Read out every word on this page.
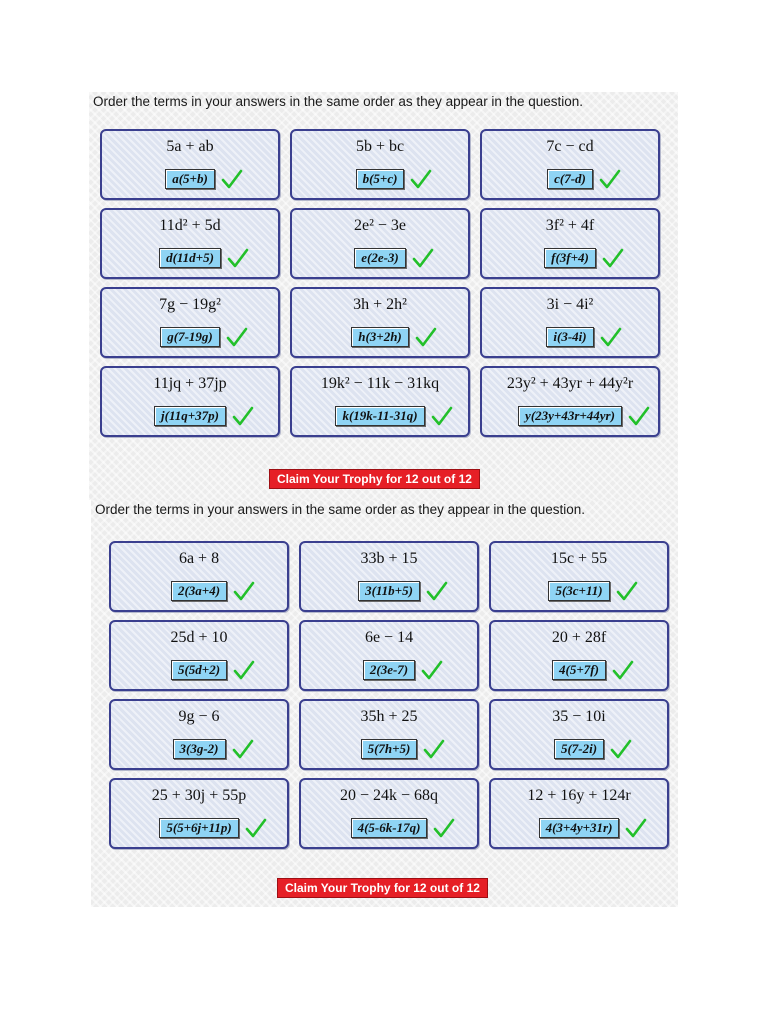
Order the terms in your answers in the same order as they appear in the question.
5a + ab
a(5+b)
5b + bc
b(5+c)
7c − cd
c(7-d)
11d² + 5d
d(11d+5)
2e² − 3e
e(2e-3)
3f² + 4f
f(3f+4)
7g − 19g²
g(7-19g)
3h + 2h²
h(3+2h)
3i − 4i²
i(3-4i)
11jq + 37jp
j(11q+37p)
19k² − 11k − 31kq
k(19k-11-31q)
23y² + 43yr + 44y²r
y(23y+43r+44yr)
Claim Your Trophy for 12 out of 12
Order the terms in your answers in the same order as they appear in the question.
6a + 8
2(3a+4)
33b + 15
3(11b+5)
15c + 55
5(3c+11)
25d + 10
5(5d+2)
6e − 14
2(3e-7)
20 + 28f
4(5+7f)
9g − 6
3(3g-2)
35h + 25
5(7h+5)
35 − 10i
5(7-2i)
25 + 30j + 55p
5(5+6j+11p)
20 − 24k − 68q
4(5-6k-17q)
12 + 16y + 124r
4(3+4y+31r)
Claim Your Trophy for 12 out of 12
